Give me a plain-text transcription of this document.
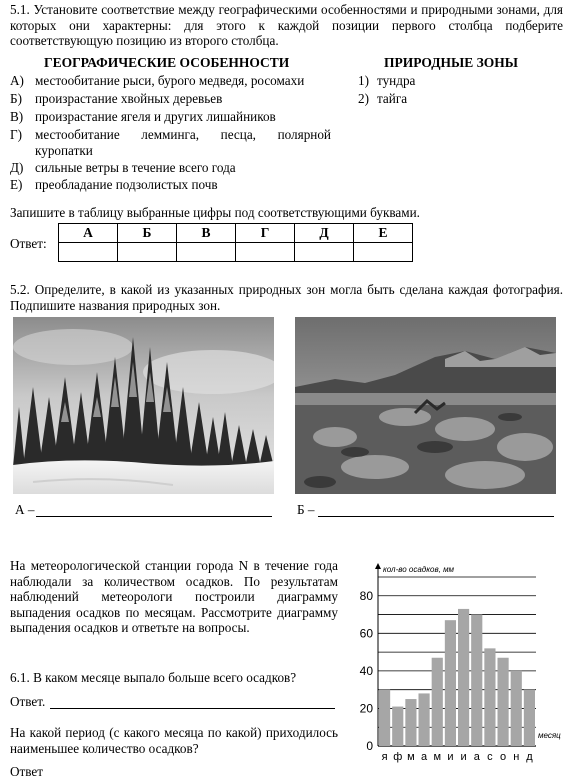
5.1. Установите соответствие между географическими особенностями и природными зонами, для которых они характерны: для этого к каждой позиции первого столбца подберите соответствующую позицию из второго столбца.
ГЕОГРАФИЧЕСКИЕ ОСОБЕННОСТИ	ПРИРОДНЫЕ ЗОНЫ
А) местообитание рыси, бурого медведя, росомахи
Б) произрастание хвойных деревьев
В) произрастание ягеля и других лишайников
Г) местообитание лемминга, песца, полярной куропатки
Д) сильные ветры в течение всего года
Е) преобладание подзолистых почв
1) тундра
2) тайга
Запишите в таблицу выбранные цифры под соответствующими буквами.
Ответ:
А	Б	В	Г	Д	Е

5.2. Определите, в какой из указанных природных зон могла быть сделана каждая фотография. Подпишите названия природных зон.
А –	Б –
На метеорологической станции города N в течение года наблюдали за количеством осадков. По результатам наблюдений метеорологи построили диаграмму выпадения осадков по месяцам. Рассмотрите диаграмму выпадения осадков и ответьте на вопросы.
6.1. В каком месяце выпало больше всего осадков?
Ответ.
На какой период (с какого месяца по какой) приходилось наименьшее количество осадков?
Ответ
кол-во осадков, мм
месяц
0
20
40
60
80
я ф м а м и и а с о н д
